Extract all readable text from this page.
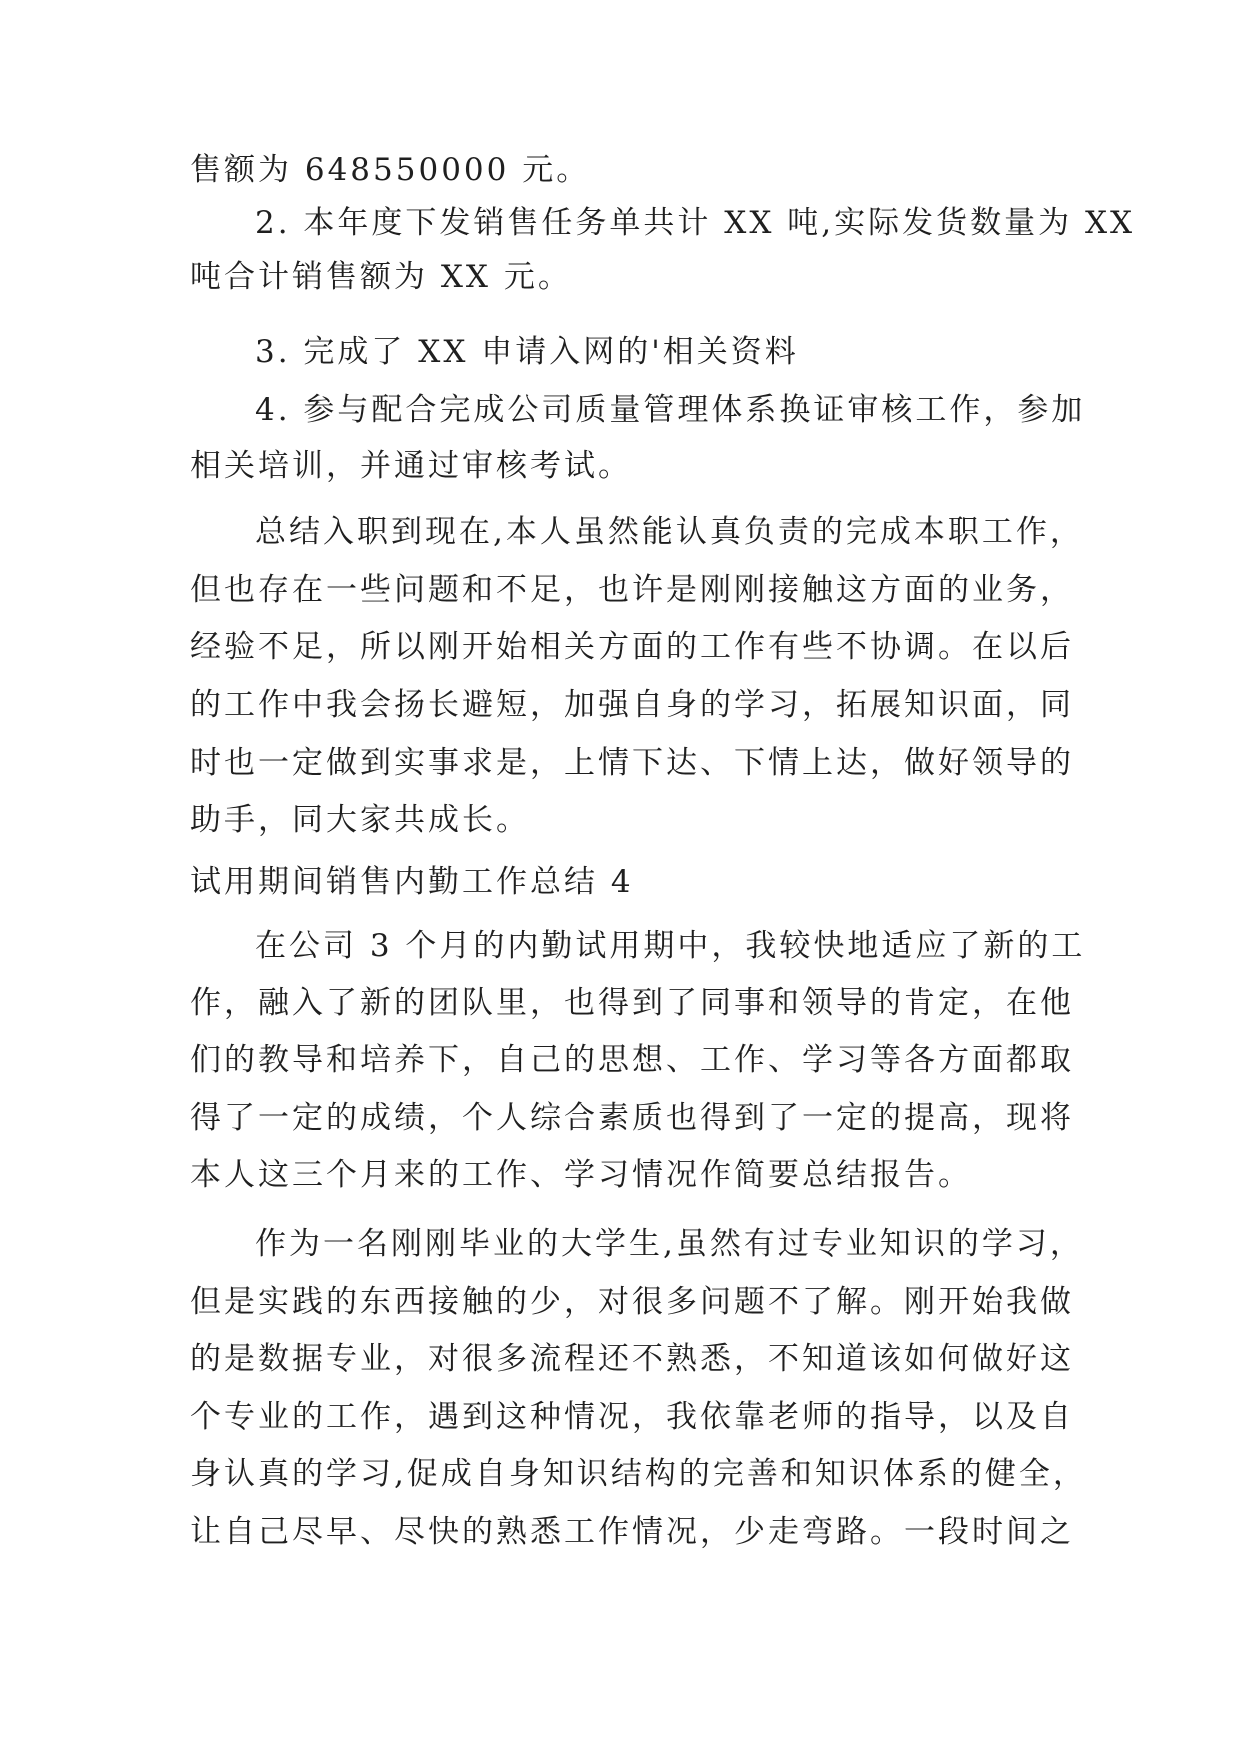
售额为 648550000 元。
2. 本年度下发销售任务单共计 XX 吨,实际发货数量为 XX
吨合计销售额为 XX 元。
3. 完成了 XX 申请入网的'相关资料
4. 参与配合完成公司质量管理体系换证审核工作，参加
相关培训，并通过审核考试。
总结入职到现在,本人虽然能认真负责的完成本职工作，
但也存在一些问题和不足，也许是刚刚接触这方面的业务，
经验不足，所以刚开始相关方面的工作有些不协调。在以后
的工作中我会扬长避短，加强自身的学习，拓展知识面，同
时也一定做到实事求是，上情下达、下情上达，做好领导的
助手，同大家共成长。
试用期间销售内勤工作总结 4
在公司 3 个月的内勤试用期中，我较快地适应了新的工
作，融入了新的团队里，也得到了同事和领导的肯定，在他
们的教导和培养下，自己的思想、工作、学习等各方面都取
得了一定的成绩，个人综合素质也得到了一定的提高，现将
本人这三个月来的工作、学习情况作简要总结报告。
作为一名刚刚毕业的大学生,虽然有过专业知识的学习，
但是实践的东西接触的少，对很多问题不了解。刚开始我做
的是数据专业，对很多流程还不熟悉，不知道该如何做好这
个专业的工作，遇到这种情况，我依靠老师的指导，以及自
身认真的学习,促成自身知识结构的完善和知识体系的健全，
让自己尽早、尽快的熟悉工作情况，少走弯路。一段时间之
